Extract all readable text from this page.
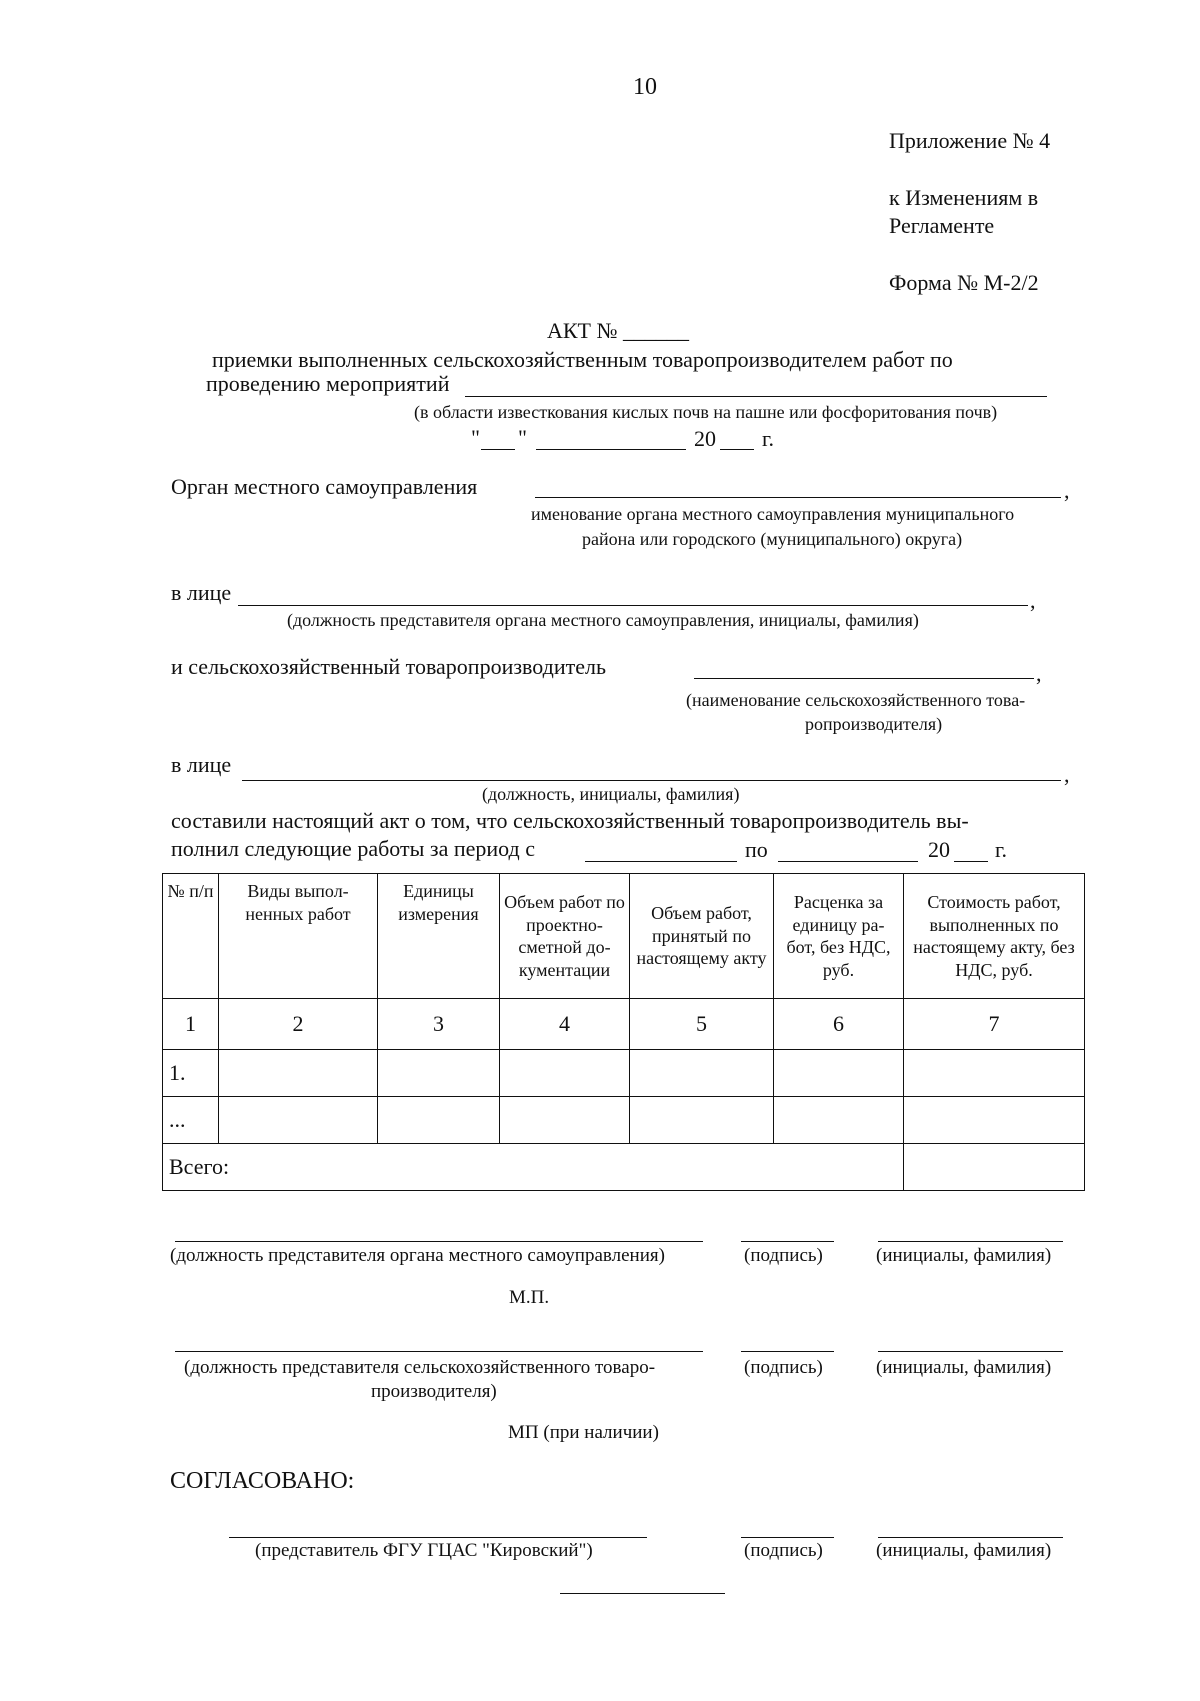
10
Приложение № 4
к Изменениям в
Регламенте
Форма № М-2/2
АКТ № ______
приемки выполненных сельскохозяйственным товаропроизводителем работ по
проведению мероприятий
(в области известкования кислых почв на пашне или фосфоритования почв)
" "	20 г.
Орган местного самоуправления	,
именование органа местного самоуправления муниципального
района или городского (муниципального) округа)
в лице	,
(должность представителя органа местного самоуправления, инициалы, фамилия)
и сельскохозяйственный товаропроизводитель	,
(наименование сельскохозяйственного това-
ропроизводителя)
в лице	,
(должность, инициалы, фамилия)
составили настоящий акт о том, что сельскохозяйственный товаропроизводитель вы-
полнил следующие работы за период с	по	20 г.
№ п/п	Виды выпол- ненных работ	Единицы измерения	Объем работ по проектно- сметной до- кументации	Объем работ, принятый по настоящему акту	Расценка за единицу ра- бот, без НДС, руб.	Стоимость работ, выполненных по настоящему акту, без НДС, руб.
1	2	3	4	5	6	7
1.						
...						
Всего:						
(должность представителя органа местного самоуправления)	(подпись)	(инициалы, фамилия)
М.П.
(должность представителя сельскохозяйственного товаро-
производителя)
(подпись)	(инициалы, фамилия)
МП (при наличии)
СОГЛАСОВАНО:
(представитель ФГУ ГЦАС "Кировский")	(подпись)	(инициалы, фамилия)
